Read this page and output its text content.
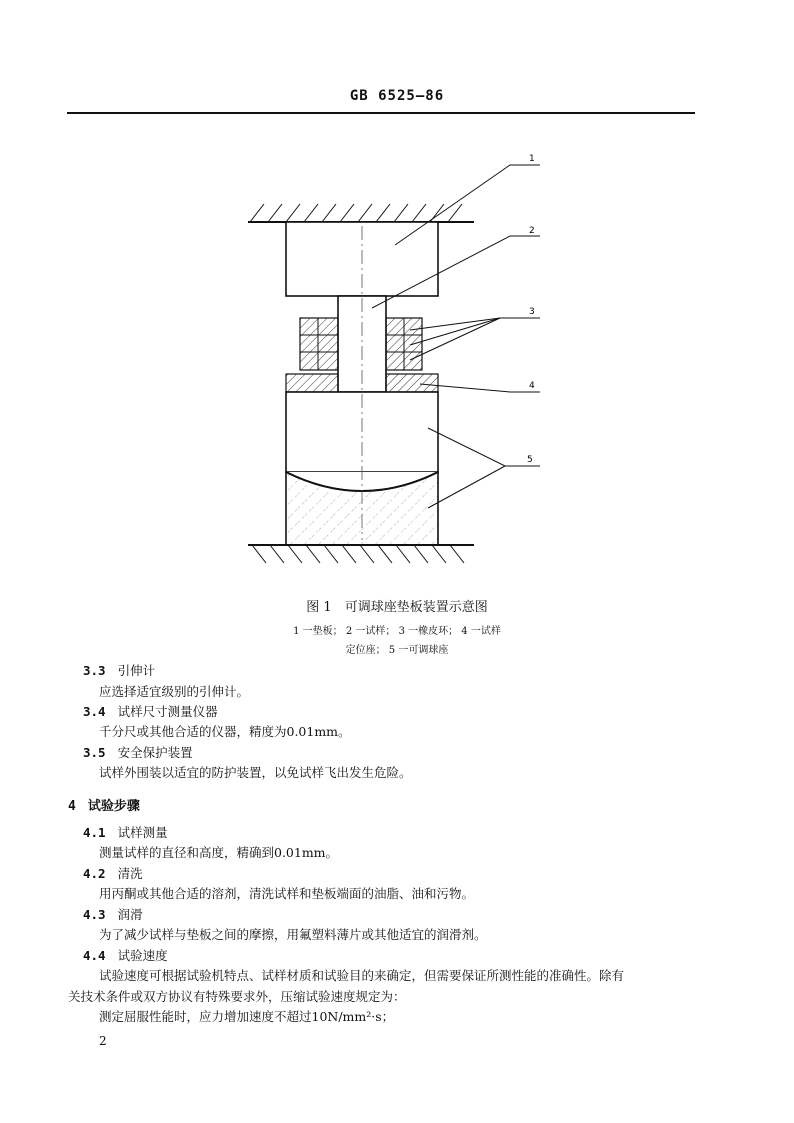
GB 6525—86
1
2
3
4
5
图 1　可调球座垫板装置示意图
1 一垫板； 2 一试样； 3 一橡皮环； 4 一试样
定位座； 5 一可调球座
3.3 引伸计
应选择适宜级别的引伸计。
3.4 试样尺寸测量仪器
千分尺或其他合适的仪器，精度为0.01mm。
3.5 安全保护装置
试样外围装以适宜的防护装置，以免试样飞出发生危险。
4 试验步骤
4.1 试样测量
测量试样的直径和高度，精确到0.01mm。
4.2 清洗
用丙酮或其他合适的溶剂，清洗试样和垫板端面的油脂、油和污物。
4.3 润滑
为了减少试样与垫板之间的摩擦，用氟塑料薄片或其他适宜的润滑剂。
4.4 试验速度
试验速度可根据试验机特点、试样材质和试验目的来确定，但需要保证所测性能的准确性。除有
关技术条件或双方协议有特殊要求外，压缩试验速度规定为：
测定屈服性能时，应力增加速度不超过10N/mm²·s；
2
